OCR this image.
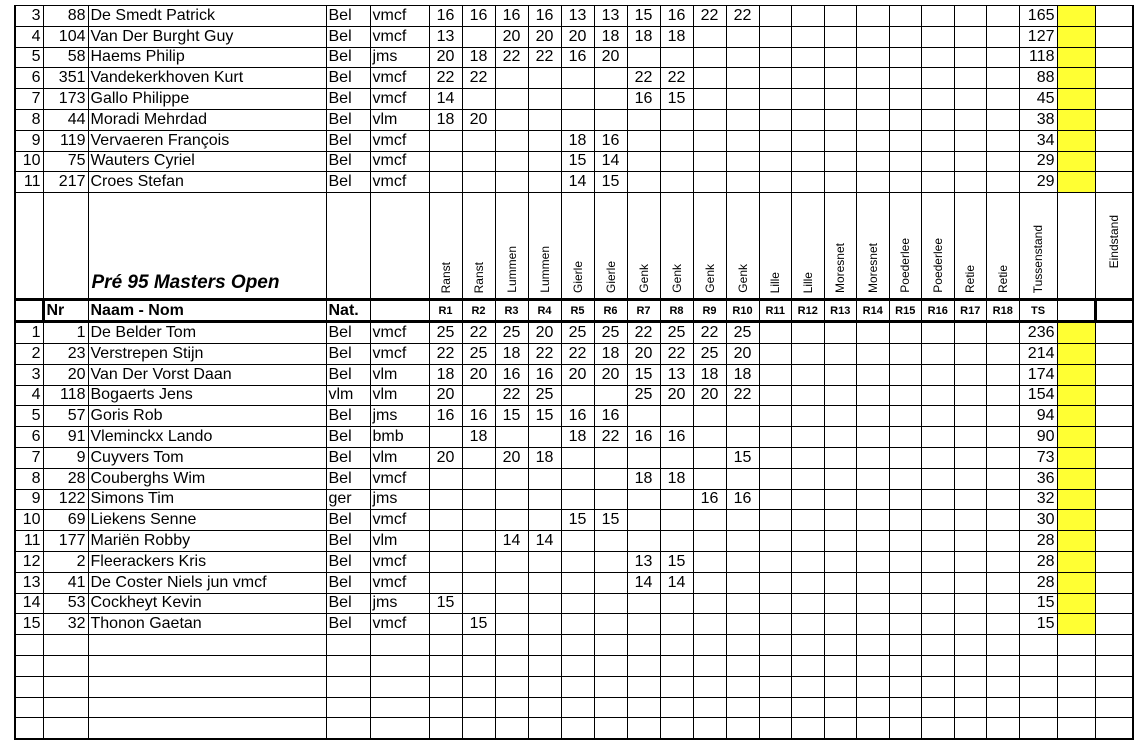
3	88	De Smedt Patrick	Bel	vmcf	16	16	16	16	13	13	15	16	22	22									165		
4	104	Van Der Burght Guy	Bel	vmcf	13		20	20	20	18	18	18											127		
5	58	Haems Philip	Bel	jms	20	18	22	22	16	20													118		
6	351	Vandekerkhoven Kurt	Bel	vmcf	22	22					22	22											88		
7	173	Gallo Philippe	Bel	vmcf	14						16	15											45		
8	44	Moradi Mehrdad	Bel	vlm	18	20																	38		
9	119	Vervaeren François	Bel	vmcf					18	16													34		
10	75	Wauters Cyriel	Bel	vmcf					15	14													29		
11	217	Croes Stefan	Bel	vmcf					14	15													29		
		Pré 95 Masters Open			Ranst	Ranst	Lummen	Lummen	Gierle	Gierle	Genk	Genk	Genk	Genk	Lille	Lille	Moresnet	Moresnet	Poederlee	Poederlee	Retie	Retie	Tussenstand		Eindstand
	Nr	Naam - Nom	Nat.		R1	R2	R3	R4	R5	R6	R7	R8	R9	R10	R11	R12	R13	R14	R15	R16	R17	R18	TS		
1	1	De Belder Tom	Bel	vmcf	25	22	25	20	25	25	22	25	22	25									236		
2	23	Verstrepen Stijn	Bel	vmcf	22	25	18	22	22	18	20	22	25	20									214		
3	20	Van Der Vorst Daan	Bel	vlm	18	20	16	16	20	20	15	13	18	18									174		
4	118	Bogaerts Jens	vlm	vlm	20		22	25			25	20	20	22									154		
5	57	Goris Rob	Bel	jms	16	16	15	15	16	16													94		
6	91	Vleminckx Lando	Bel	bmb		18			18	22	16	16											90		
7	9	Cuyvers Tom	Bel	vlm	20		20	18						15									73		
8	28	Couberghs Wim	Bel	vmcf							18	18											36		
9	122	Simons Tim	ger	jms									16	16									32		
10	69	Liekens Senne	Bel	vmcf					15	15													30		
11	177	Mariën Robby	Bel	vlm			14	14															28		
12	2	Fleerackers Kris	Bel	vmcf							13	15											28		
13	41	De Coster Niels jun vmcf	Bel	vmcf							14	14											28		
14	53	Cockheyt Kevin	Bel	jms	15																		15		
15	32	Thonon Gaetan	Bel	vmcf		15																	15		
